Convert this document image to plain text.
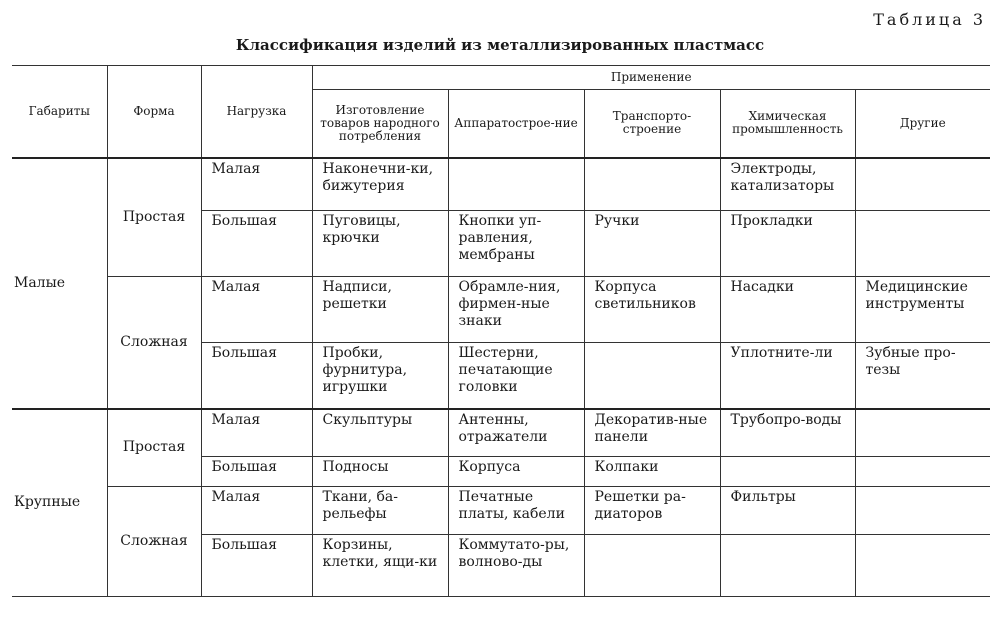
Таблица 3
Классификация изделий из металлизированных пластмасс
Габариты	Форма	Нагрузка	Применение				
			Изготовление товаров народного потребления	Аппаратострое-ние	Транспорто-строение	Химическая промышленность	Другие
Малые	Простая	Малая	Наконечни-ки, бижутерия			Электроды, катализаторы	
		Большая	Пуговицы, крючки	Кнопки уп-равления, мембраны	Ручки	Прокладки	
	Сложная	Малая	Надписи, решетки	Обрамле-ния, фирмен-ные знаки	Корпуса светильников	Насадки	Медицинские инструменты
		Большая	Пробки, фурнитура, игрушки	Шестерни, печатающие головки		Уплотните-ли	Зубные про-тезы
Крупные	Простая	Малая	Скульптуры	Антенны, отражатели	Декоратив-ные панели	Трубопро-воды	
		Большая	Подносы	Корпуса	Колпаки		
	Сложная	Малая	Ткани, ба-рельефы	Печатные платы, кабели	Решетки ра-диаторов	Фильтры	
		Большая	Корзины, клетки, ящи-ки	Коммутато-ры, волново-ды			
